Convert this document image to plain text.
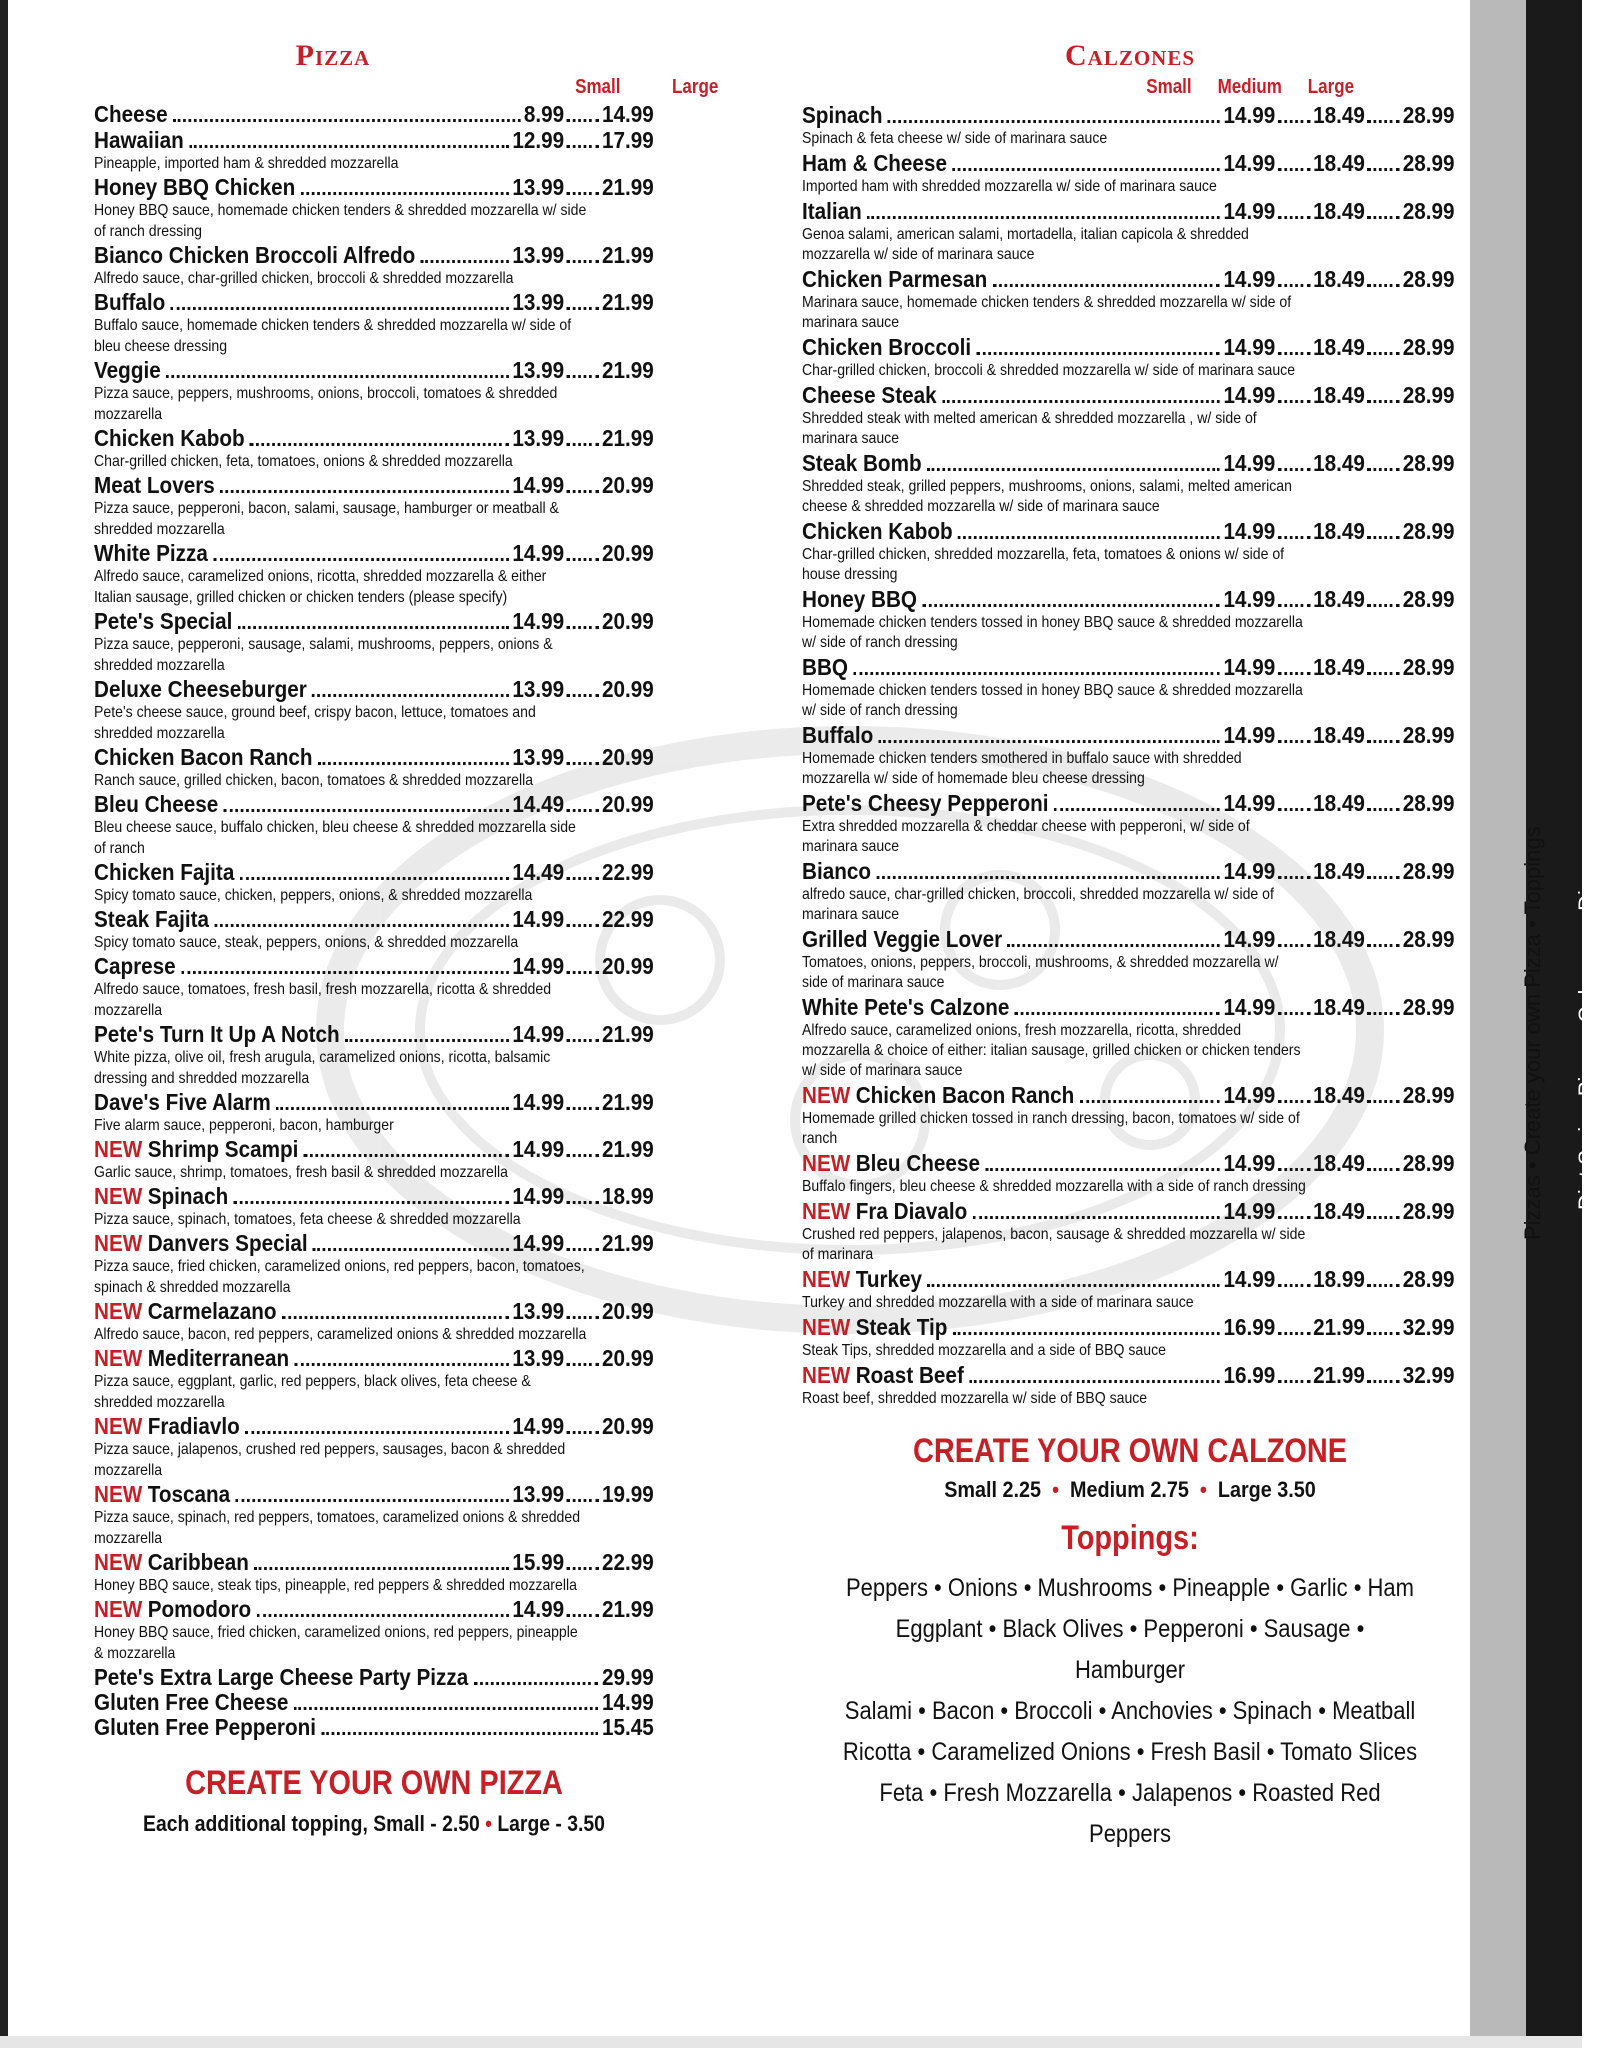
Pizza
Small	Large
Cheese	8.99 14.99
Hawaiian	12.99 17.99
Pineapple, imported ham & shredded mozzarella
Honey BBQ Chicken	13.99 21.99
Honey BBQ sauce, homemade chicken tenders & shredded mozzarella w/ side of ranch dressing
Bianco Chicken Broccoli Alfredo	13.99 21.99
Alfredo sauce, char-grilled chicken, broccoli & shredded mozzarella
Buffalo	13.99 21.99
Buffalo sauce, homemade chicken tenders & shredded mozzarella w/ side of bleu cheese dressing
Veggie	13.99 21.99
Pizza sauce, peppers, mushrooms, onions, broccoli, tomatoes & shredded mozzarella
Chicken Kabob	13.99 21.99
Char-grilled chicken, feta, tomatoes, onions & shredded mozzarella
Meat Lovers	14.99 20.99
Pizza sauce, pepperoni, bacon, salami, sausage, hamburger or meatball & shredded mozzarella
White Pizza	14.99 20.99
Alfredo sauce, caramelized onions, ricotta, shredded mozzarella & either Italian sausage, grilled chicken or chicken tenders (please specify)
Pete's Special	14.99 20.99
Pizza sauce, pepperoni, sausage, salami, mushrooms, peppers, onions & shredded mozzarella
Deluxe Cheeseburger	13.99 20.99
Pete's cheese sauce, ground beef, crispy bacon, lettuce, tomatoes and shredded mozzarella
Chicken Bacon Ranch	13.99 20.99
Ranch sauce, grilled chicken, bacon, tomatoes & shredded mozzarella
Bleu Cheese	14.49 20.99
Bleu cheese sauce, buffalo chicken, bleu cheese & shredded mozzarella side of ranch
Chicken Fajita	14.49 22.99
Spicy tomato sauce, chicken, peppers, onions, & shredded mozzarella
Steak Fajita	14.99 22.99
Spicy tomato sauce, steak, peppers, onions, & shredded mozzarella
Caprese	14.99 20.99
Alfredo sauce, tomatoes, fresh basil, fresh mozzarella, ricotta & shredded mozzarella
Pete's Turn It Up A Notch	14.99 21.99
White pizza, olive oil, fresh arugula, caramelized onions, ricotta, balsamic dressing and shredded mozzarella
Dave's Five Alarm	14.99 21.99
Five alarm sauce, pepperoni, bacon, hamburger
NEW Shrimp Scampi	14.99 21.99
Garlic sauce, shrimp, tomatoes, fresh basil & shredded mozzarella
NEW Spinach	14.99 18.99
Pizza sauce, spinach, tomatoes, feta cheese & shredded mozzarella
NEW Danvers Special	14.99 21.99
Pizza sauce, fried chicken, caramelized onions, red peppers, bacon, tomatoes, spinach & shredded mozzarella
NEW Carmelazano	13.99 20.99
Alfredo sauce, bacon, red peppers, caramelized onions & shredded mozzarella
NEW Mediterranean	13.99 20.99
Pizza sauce, eggplant, garlic, red peppers, black olives, feta cheese & shredded mozzarella
NEW Fradiavlo	14.99 20.99
Pizza sauce, jalapenos, crushed red peppers, sausages, bacon & shredded mozzarella
NEW Toscana	13.99 19.99
Pizza sauce, spinach, red peppers, tomatoes, caramelized onions & shredded mozzarella
NEW Caribbean	15.99 22.99
Honey BBQ sauce, steak tips, pineapple, red peppers & shredded mozzarella
NEW Pomodoro	14.99 21.99
Honey BBQ sauce, fried chicken, caramelized onions, red peppers, pineapple & mozzarella
Pete's Extra Large Cheese Party Pizza	29.99
Gluten Free Cheese	14.99
Gluten Free Pepperoni	15.45
CREATE YOUR OWN PIZZA
Each additional topping, Small - 2.50 • Large - 3.50
Calzones
Small Medium Large
Spinach	14.99 18.49 28.99
Spinach & feta cheese w/ side of marinara sauce
Ham & Cheese	14.99 18.49 28.99
Imported ham with shredded mozzarella w/ side of marinara sauce
Italian	14.99 18.49 28.99
Genoa salami, american salami, mortadella, italian capicola & shredded mozzarella w/ side of marinara sauce
Chicken Parmesan	14.99 18.49 28.99
Marinara sauce, homemade chicken tenders & shredded mozzarella w/ side of marinara sauce
Chicken Broccoli	14.99 18.49 28.99
Char-grilled chicken, broccoli & shredded mozzarella w/ side of marinara sauce
Cheese Steak	14.99 18.49 28.99
Shredded steak with melted american & shredded mozzarella , w/ side of marinara sauce
Steak Bomb	14.99 18.49 28.99
Shredded steak, grilled peppers, mushrooms, onions, salami, melted american cheese & shredded mozzarella w/ side of marinara sauce
Chicken Kabob	14.99 18.49 28.99
Char-grilled chicken, shredded mozzarella, feta, tomatoes & onions w/ side of house dressing
Honey BBQ	14.99 18.49 28.99
Homemade chicken tenders tossed in honey BBQ sauce & shredded mozzarella w/ side of ranch dressing
BBQ	14.99 18.49 28.99
Homemade chicken tenders tossed in honey BBQ sauce & shredded mozzarella w/ side of ranch dressing
Buffalo	14.99 18.49 28.99
Homemade chicken tenders smothered in buffalo sauce with shredded mozzarella w/ side of homemade bleu cheese dressing
Pete's Cheesy Pepperoni	14.99 18.49 28.99
Extra shredded mozzarella & cheddar cheese with pepperoni, w/ side of marinara sauce
Bianco	14.99 18.49 28.99
alfredo sauce, char-grilled chicken, broccoli, shredded mozzarella w/ side of marinara sauce
Grilled Veggie Lover	14.99 18.49 28.99
Tomatoes, onions, peppers, broccoli, mushrooms, & shredded mozzarella w/ side of marinara sauce
White Pete's Calzone	14.99 18.49 28.99
Alfredo sauce, caramelized onions, fresh mozzarella, ricotta, shredded mozzarella & choice of either: italian sausage, grilled chicken or chicken tenders w/ side of marinara sauce
NEW Chicken Bacon Ranch	14.99 18.49 28.99
Homemade grilled chicken tossed in ranch dressing, bacon, tomatoes w/ side of ranch
NEW Bleu Cheese	14.99 18.49 28.99
Buffalo fingers, bleu cheese & shredded mozzarella with a side of ranch dressing
NEW Fra Diavalo	14.99 18.49 28.99
Crushed red peppers, jalapenos, bacon, sausage & shredded mozzarella w/ side of marinara
NEW Turkey	14.99 18.99 28.99
Turkey and shredded mozzarella with a side of marinara sauce
NEW Steak Tip	16.99 21.99 32.99
Steak Tips, shredded mozzarella and a side of BBQ sauce
NEW Roast Beef	16.99 21.99 32.99
Roast beef, shredded mozzarella w/ side of BBQ sauce
CREATE YOUR OWN CALZONE
Small 2.25  •  Medium 2.75  •  Large 3.50
Toppings:
Peppers • Onions • Mushrooms • Pineapple • Garlic • Ham
Eggplant • Black Olives • Pepperoni • Sausage • Hamburger
Salami • Bacon • Broccoli • Anchovies • Spinach • Meatball
Ricotta • Caramelized Onions • Fresh Basil • Tomato Slices
Feta • Fresh Mozzarella • Jalapenos • Roasted Red Peppers
Pizzas • Create your own Pizza • Toppings Diet Syrian Pizza • Calzones • Dinners
